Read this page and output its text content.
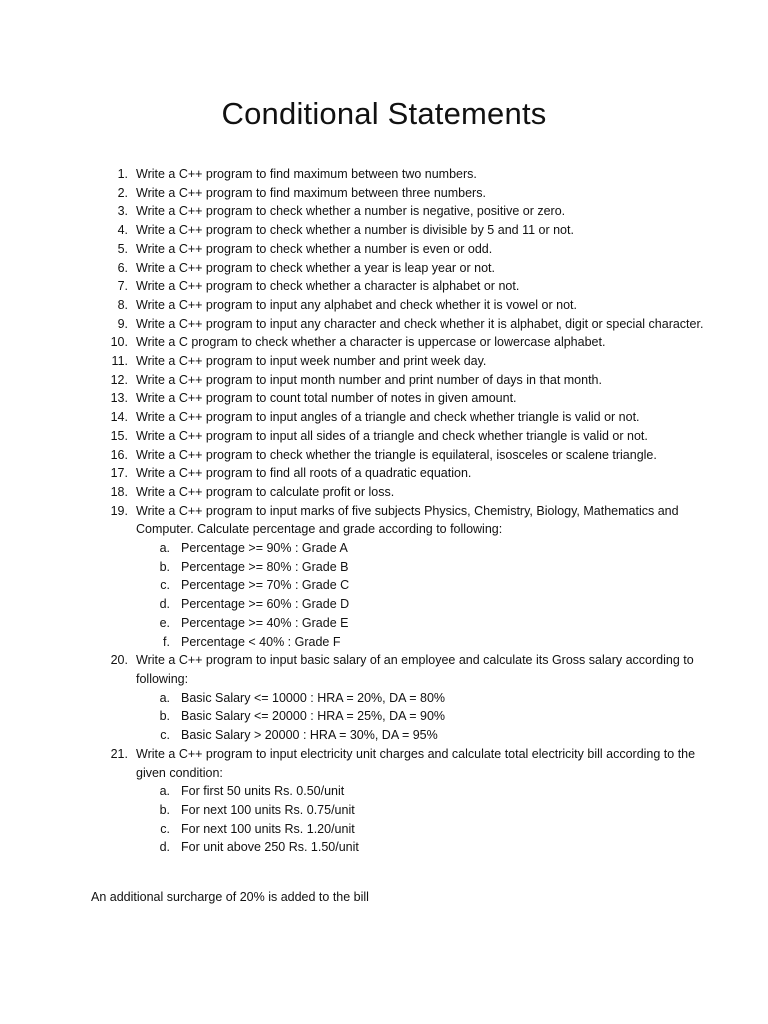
Conditional Statements
1. Write a C++ program to find maximum between two numbers.
2. Write a C++ program to find maximum between three numbers.
3. Write a C++ program to check whether a number is negative, positive or zero.
4. Write a C++ program to check whether a number is divisible by 5 and 11 or not.
5. Write a C++ program to check whether a number is even or odd.
6. Write a C++ program to check whether a year is leap year or not.
7. Write a C++ program to check whether a character is alphabet or not.
8. Write a C++ program to input any alphabet and check whether it is vowel or not.
9. Write a C++ program to input any character and check whether it is alphabet, digit or special character.
10. Write a C program to check whether a character is uppercase or lowercase alphabet.
11. Write a C++ program to input week number and print week day.
12. Write a C++ program to input month number and print number of days in that month.
13. Write a C++ program to count total number of notes in given amount.
14. Write a C++ program to input angles of a triangle and check whether triangle is valid or not.
15. Write a C++ program to input all sides of a triangle and check whether triangle is valid or not.
16. Write a C++ program to check whether the triangle is equilateral, isosceles or scalene triangle.
17. Write a C++ program to find all roots of a quadratic equation.
18. Write a C++ program to calculate profit or loss.
19. Write a C++ program to input marks of five subjects Physics, Chemistry, Biology, Mathematics and Computer. Calculate percentage and grade according to following:
a. Percentage >= 90% : Grade A
b. Percentage >= 80% : Grade B
c. Percentage >= 70% : Grade C
d. Percentage >= 60% : Grade D
e. Percentage >= 40% : Grade E
f. Percentage < 40% : Grade F
20. Write a C++ program to input basic salary of an employee and calculate its Gross salary according to following:
a. Basic Salary <= 10000 : HRA = 20%, DA = 80%
b. Basic Salary <= 20000 : HRA = 25%, DA = 90%
c. Basic Salary > 20000 : HRA = 30%, DA = 95%
21. Write a C++ program to input electricity unit charges and calculate total electricity bill according to the given condition:
a. For first 50 units Rs. 0.50/unit
b. For next 100 units Rs. 0.75/unit
c. For next 100 units Rs. 1.20/unit
d. For unit above 250 Rs. 1.50/unit

An additional surcharge of 20% is added to the bill
